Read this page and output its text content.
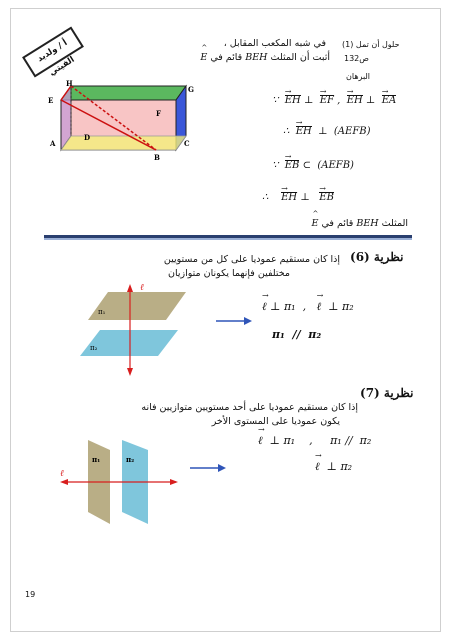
أ / ولديد الفيتي
حلول أن تمل (1)
ص132
البرهان
في شبه المكعب المقابل ،
أثبت أن المثلث BEH قائم في
^
E
H
G
E
F
A
D
B
C
∵ → EH ⊥ → EF , → EH ⊥ → EA
∴ → EH ⊥ (AEFB)
∵ → EB ⊂ (AEFB)
∴ → EH ⊥ → EB
المثلث BEH قائم في
^
E
نظرية (6)
إذا كان مستقيم عموديا على كل من مستويين
مختلفين فإنهما يكونان متوازيان
ℓ
π₁
π₂
→ ℓ ⊥ π₁ , → ℓ ⊥ π₂
π₁ // π₂
نظرية (7)
إذا كان مستقيم عموديا على أحد مستويين متوازيين فانه
يكون عموديا على المستوى الأخر
ℓ
π₁	π₂
→ ℓ ⊥ π₁ , π₁ // π₂
→ ℓ ⊥ π₂
19
